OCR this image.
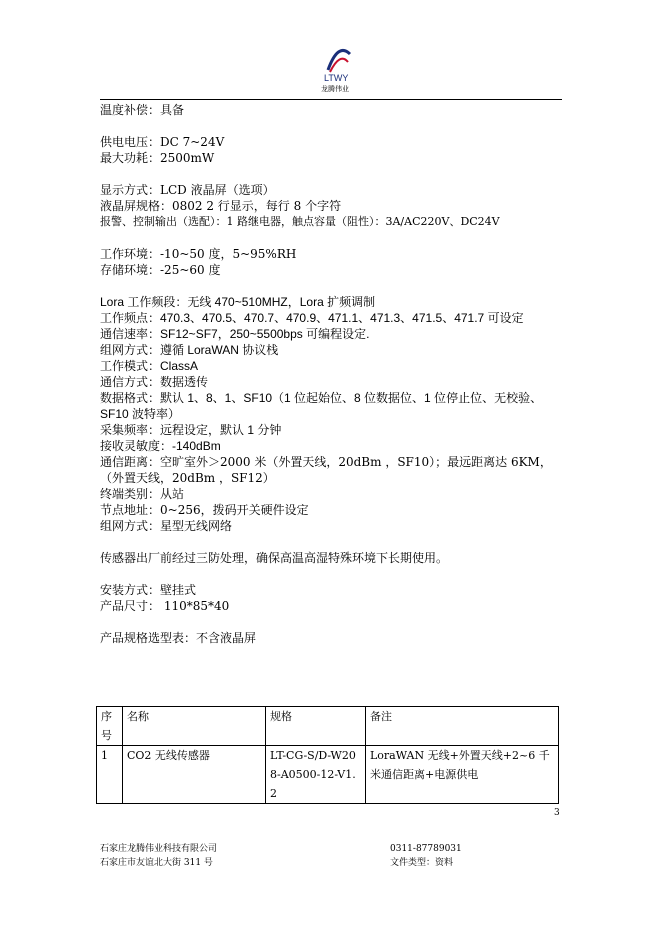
LTWY
龙腾伟业
温度补偿：具备
供电电压：DC 7~24V
最大功耗：2500mW
显示方式：LCD 液晶屏（选项）
液晶屏规格：0802 2 行显示，每行 8 个字符
报警、控制输出（选配）：1 路继电器，触点容量（阻性）：3A/AC220V、DC24V
工作环境：-10~50 度，5~95%RH
存储环境：-25~60 度
Lora 工作频段：无线 470~510MHZ，Lora 扩频调制
工作频点：470.3、470.5、470.7、470.9、471.1、471.3、471.5、471.7 可设定
通信速率：SF12~SF7，250~5500bps 可编程设定.
组网方式：遵循 LoraWAN 协议栈
工作模式：ClassA
通信方式：数据透传
数据格式：默认 1、8、1、SF10（1 位起始位、8 位数据位、1 位停止位、无校验、SF10 波特率）
采集频率：远程设定，默认 1 分钟
接收灵敏度：-140dBm
通信距离：空旷室外＞2000 米（外置天线，20dBm ，SF10）；最远距离达 6KM，（外置天线，20dBm ，SF12）
终端类别：从站
节点地址：0~256，拨码开关硬件设定
组网方式：星型无线网络
传感器出厂前经过三防处理，确保高温高湿特殊环境下长期使用。
安装方式：壁挂式
产品尺寸： 110*85*40
产品规格选型表：不含液晶屏
序号	名称	规格	备注
1	CO2 无线传感器	LT-CG-S/D-W208-A0500-12-V1.2	LoraWAN 无线+外置天线+2~6 千米通信距离+电源供电
3
石家庄龙腾伟业科技有限公司
石家庄市友谊北大街 311 号
0311-87789031
文件类型：资料
